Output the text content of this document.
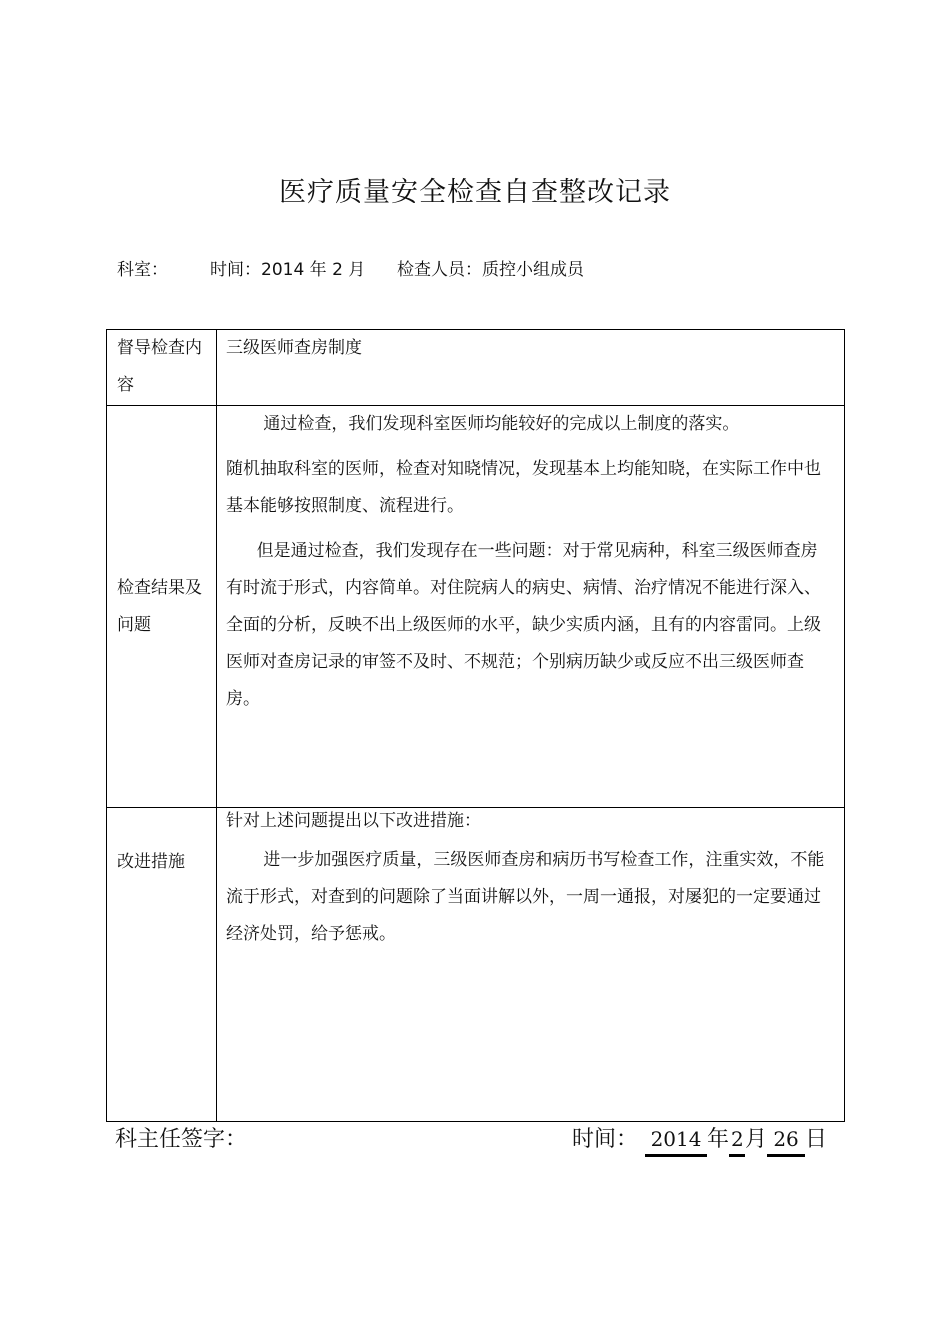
医疗质量安全检查自查整改记录
科室： 时间：2014 年 2 月 检查人员：质控小组成员
督导检查内容	三级医师查房制度

检查结果及问题	通过检查，我们发现科室医师均能较好的完成以上制度的落实。

随机抽取科室的医师，检查对知晓情况，发现基本上均能知晓，在实际工作中也基本能够按照制度、流程进行。

但是通过检查，我们发现存在一些问题：对于常见病种，科室三级医师查房有时流于形式，内容简单。对住院病人的病史、病情、治疗情况不能进行深入、全面的分析，反映不出上级医师的水平，缺少实质内涵，且有的内容雷同。上级医师对查房记录的审签不及时、不规范；个别病历缺少或反应不出三级医师查房。

改进措施	针对上述问题提出以下改进措施：

进一步加强医疗质量，三级医师查房和病历书写检查工作，注重实效，不能流于形式，对查到的问题除了当面讲解以外，一周一通报，对屡犯的一定要通过经济处罚，给予惩戒。

科主任签字：	时间： 2014 年 2月 26 日
